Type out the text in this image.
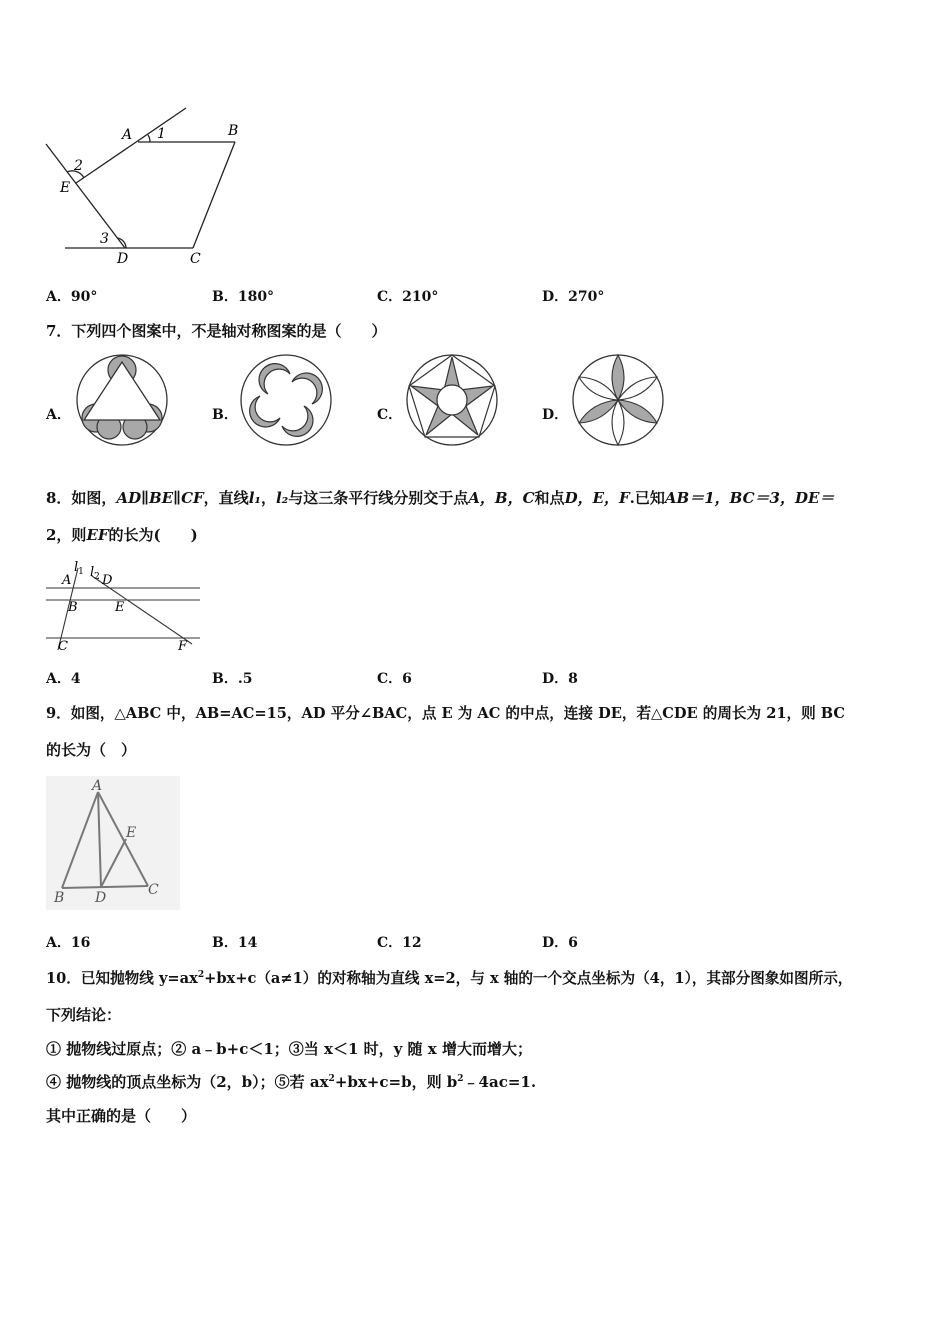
A 1	B
2
E
3
D	C
A．90°	B．180°	C．210°	D．270°
7．下列四个图案中，不是轴对称图案的是（　　）
A．	B．	C．	D．
8．如图，AD∥BE∥CF，直线l₁，l₂与这三条平行线分别交于点A，B，C和点D，E，F.已知AB＝1，BC＝3，DE＝
2，则EF的长为(　　)
$l_1$ $l_2$
A D
B	E
C	F
A．4	B．.5	C．6	D．8
9．如图，△ABC 中，AB=AC=15，AD 平分∠BAC，点 E 为 AC 的中点，连接 DE，若△CDE 的周长为 21，则 BC
的长为（　）
A
E
B D	C
A．16	B．14	C．12	D．6
10．已知抛物线 $y=ax^2+bx+c(a\ne 1)$的对称轴为直线 x=2，与 x 轴的一个交点坐标为（4，1），其部分图象如图所示，
下列结论：
① 抛物线过原点；② a﹣b+c＜1；③当 x＜1 时，y 随 x 增大而增大；
④ 抛物线的顶点坐标为（2，b）；⑤若 $ax^2+bx+c=b$，则 $b^2﹣4ac=1$.
其中正确的是（　　）
